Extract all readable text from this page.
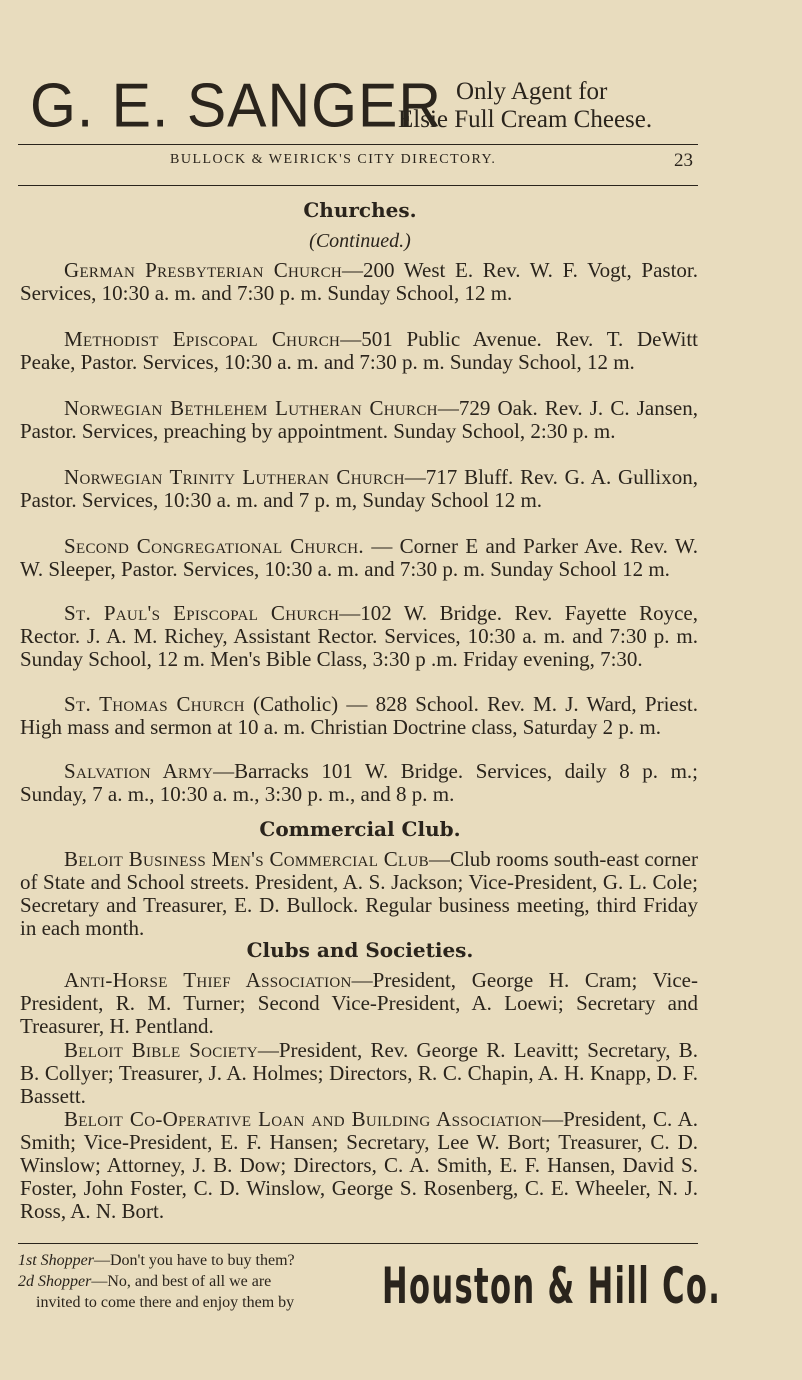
G. E. SANGER Only Agent for
Elsie Full Cream Cheese.
BULLOCK & WEIRICK'S CITY DIRECTORY.	23
Churches.
(Continued.)
German Presbyterian Church—200 West E. Rev. W. F. Vogt, Pastor. Services, 10:30 a. m. and 7:30 p. m. Sunday School, 12 m.
Methodist Episcopal Church—501 Public Avenue. Rev. T. DeWitt Peake, Pastor. Services, 10:30 a. m. and 7:30 p. m. Sunday School, 12 m.
Norwegian Bethlehem Lutheran Church—729 Oak. Rev. J. C. Jansen, Pastor. Services, preaching by appointment. Sunday School, 2:30 p. m.
Norwegian Trinity Lutheran Church—717 Bluff. Rev. G. A. Gullixon, Pastor. Services, 10:30 a. m. and 7 p. m, Sunday School 12 m.
Second Congregational Church. — Corner E and Parker Ave. Rev. W. W. Sleeper, Pastor. Services, 10:30 a. m. and 7:30 p. m. Sunday School 12 m.
St. Paul's Episcopal Church—102 W. Bridge. Rev. Fayette Royce, Rector. J. A. M. Richey, Assistant Rector. Services, 10:30 a. m. and 7:30 p. m. Sunday School, 12 m. Men's Bible Class, 3:30 p .m. Friday evening, 7:30.
St. Thomas Church (Catholic) — 828 School. Rev. M. J. Ward, Priest. High mass and sermon at 10 a. m. Christian Doctrine class, Saturday 2 p. m.
Salvation Army—Barracks 101 W. Bridge. Services, daily 8 p. m.; Sunday, 7 a. m., 10:30 a. m., 3:30 p. m., and 8 p. m.
Commercial Club.
Beloit Business Men's Commercial Club—Club rooms south-east corner of State and School streets. President, A. S. Jackson; Vice-President, G. L. Cole; Secretary and Treasurer, E. D. Bullock. Regular business meeting, third Friday in each month.
Clubs and Societies.
Anti-Horse Thief Association—President, George H. Cram; Vice-President, R. M. Turner; Second Vice-President, A. Loewi; Secretary and Treasurer, H. Pentland.
Beloit Bible Society—President, Rev. George R. Leavitt; Secretary, B. B. Collyer; Treasurer, J. A. Holmes; Directors, R. C. Chapin, A. H. Knapp, D. F. Bassett.
Beloit Co-Operative Loan and Building Association—President, C. A. Smith; Vice-President, E. F. Hansen; Secretary, Lee W. Bort; Treasurer, C. D. Winslow; Attorney, J. B. Dow; Directors, C. A. Smith, E. F. Hansen, David S. Foster, John Foster, C. D. Winslow, George S. Rosenberg, C. E. Wheeler, N. J. Ross, A. N. Bort.
1st Shopper—Don't you have to buy them?
2d Shopper—No, and best of all we are
invited to come there and enjoy them by Houston & Hill Co.
